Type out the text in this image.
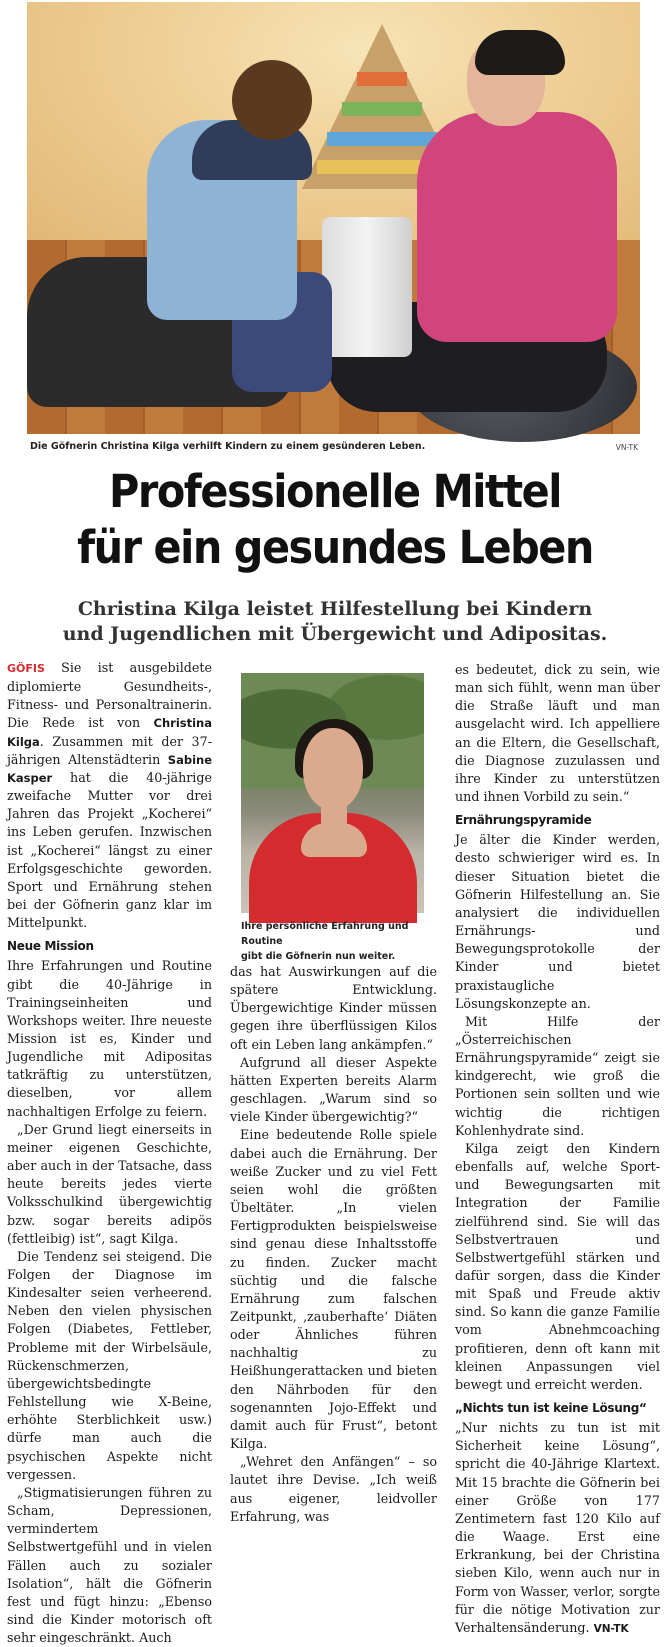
Die Göfnerin Christina Kilga verhilft Kindern zu einem gesünderen Leben.	VN-TK
Professionelle Mittel
für ein gesundes Leben
Christina Kilga leistet Hilfestellung bei Kindern
und Jugendlichen mit Übergewicht und Adipositas.

GÖFIS Sie ist ausgebildete diplomierte Gesundheits-, Fitness- und Personaltrainerin. Die Rede ist von Christina Kilga. Zusammen mit der 37-jährigen Altenstädterin Sabine Kasper hat die 40-jährige zweifache Mutter vor drei Jahren das Projekt „Kocherei“ ins Leben gerufen. Inzwischen ist „Kocherei“ längst zu einer Erfolgsgeschichte geworden. Sport und Ernährung stehen bei der Göfnerin ganz klar im Mittelpunkt.

Neue Mission

Ihre Erfahrungen und Routine gibt die 40-Jährige in Trainingseinheiten und Workshops weiter. Ihre neueste Mission ist es, Kinder und Jugendliche mit Adipositas tatkräftig zu unterstützen, dieselben, vor allem nachhaltigen Erfolge zu feiern.

„Der Grund liegt einerseits in meiner eigenen Geschichte, aber auch in der Tatsache, dass heute bereits jedes vierte Volksschulkind übergewichtig bzw. sogar bereits adipös (fettleibig) ist“, sagt Kilga.

Die Tendenz sei steigend. Die Folgen der Diagnose im Kindesalter seien verheerend. Neben den vielen physischen Folgen (Diabetes, Fettleber, Probleme mit der Wirbelsäule, Rückenschmerzen, übergewichtsbedingte Fehlstellung wie X-Beine, erhöhte Sterblichkeit usw.) dürfe man auch die psychischen Aspekte nicht vergessen.

„Stigmatisierungen führen zu Scham, Depressionen, vermindertem Selbstwertgefühl und in vielen Fällen auch zu sozialer Isolation“, hält die Göfnerin fest und fügt hinzu: „Ebenso sind die Kinder motorisch oft sehr eingeschränkt. Auch

Ihre persönliche Erfahrung und Routine
gibt die Göfnerin nun weiter.

das hat Auswirkungen auf die spätere Entwicklung. Übergewichtige Kinder müssen gegen ihre überflüssigen Kilos oft ein Leben lang ankämpfen.“

Aufgrund all dieser Aspekte hätten Experten bereits Alarm geschlagen. „Warum sind so viele Kinder übergewichtig?“

Eine bedeutende Rolle spiele dabei auch die Ernährung. Der weiße Zucker und zu viel Fett seien wohl die größten Übeltäter. „In vielen Fertigprodukten beispielsweise sind genau diese Inhaltsstoffe zu finden. Zucker macht süchtig und die falsche Ernährung zum falschen Zeitpunkt, ‚zauberhafte‘ Diäten oder Ähnliches führen nachhaltig zu Heißhungerattacken und bieten den Nährboden für den sogenannten Jojo-Effekt und damit auch für Frust“, betont Kilga.

„Wehret den Anfängen“ – so lautet ihre Devise. „Ich weiß aus eigener, leidvoller Erfahrung, was

es bedeutet, dick zu sein, wie man sich fühlt, wenn man über die Straße läuft und man ausgelacht wird. Ich appelliere an die Eltern, die Gesellschaft, die Diagnose zuzulassen und ihre Kinder zu unterstützen und ihnen Vorbild zu sein.“

Ernährungspyramide

Je älter die Kinder werden, desto schwieriger wird es. In dieser Situation bietet die Göfnerin Hilfestellung an. Sie analysiert die individuellen Ernährungs- und Bewegungsprotokolle der Kinder und bietet praxistaugliche Lösungskonzepte an.

Mit Hilfe der „Österreichischen Ernährungspyramide“ zeigt sie kindgerecht, wie groß die Portionen sein sollten und wie wichtig die richtigen Kohlenhydrate sind.

Kilga zeigt den Kindern ebenfalls auf, welche Sport- und Bewegungsarten mit Integration der Familie zielführend sind. Sie will das Selbstvertrauen und Selbstwertgefühl stärken und dafür sorgen, dass die Kinder mit Spaß und Freude aktiv sind. So kann die ganze Familie vom Abnehmcoaching profitieren, denn oft kann mit kleinen Anpassungen viel bewegt und erreicht werden.

„Nichts tun ist keine Lösung“

„Nur nichts zu tun ist mit Sicherheit keine Lösung“, spricht die 40-Jährige Klartext. Mit 15 brachte die Göfnerin bei einer Größe von 177 Zentimetern fast 120 Kilo auf die Waage. Erst eine Erkrankung, bei der Christina sieben Kilo, wenn auch nur in Form von Wasser, verlor, sorgte für die nötige Motivation zur Verhaltensänderung. VN-TK
